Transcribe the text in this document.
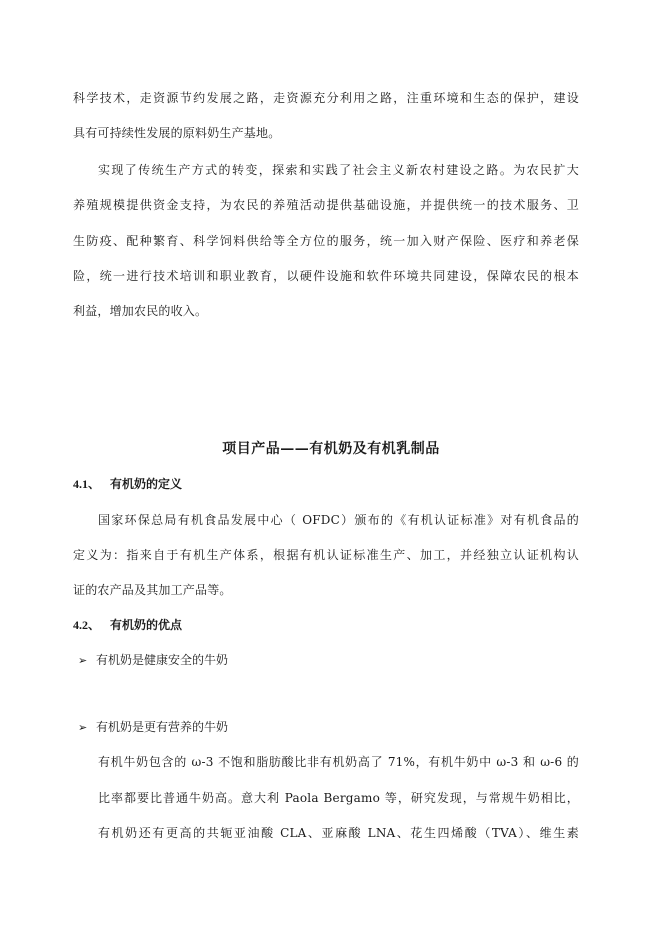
科学技术，走资源节约发展之路，走资源充分利用之路，注重环境和生态的保护，建设
具有可持续性发展的原料奶生产基地。
实现了传统生产方式的转变，探索和实践了社会主义新农村建设之路。为农民扩大
养殖规模提供资金支持，为农民的养殖活动提供基础设施，并提供统一的技术服务、卫
生防疫、配种繁育、科学饲料供给等全方位的服务，统一加入财产保险、医疗和养老保
险，统一进行技术培训和职业教育，以硬件设施和软件环境共同建设，保障农民的根本
利益，增加农民的收入。
项目产品——有机奶及有机乳制品
4.1、 有机奶的定义
国家环保总局有机食品发展中心（ OFDC）颁布的《有机认证标准》对有机食品的
定义为：指来自于有机生产体系，根据有机认证标准生产、加工，并经独立认证机构认
证的农产品及其加工产品等。
4.2、 有机奶的优点
➢ 有机奶是健康安全的牛奶
➢ 有机奶是更有营养的牛奶
有机牛奶包含的 ω-3 不饱和脂肪酸比非有机奶高了 71%，有机牛奶中 ω-3 和 ω-6 的
比率都要比普通牛奶高。意大利 Paola Bergamo 等，研究发现，与常规牛奶相比，
有机奶还有更高的共轭亚油酸 CLA、亚麻酸 LNA、花生四烯酸（TVA）、维生素
